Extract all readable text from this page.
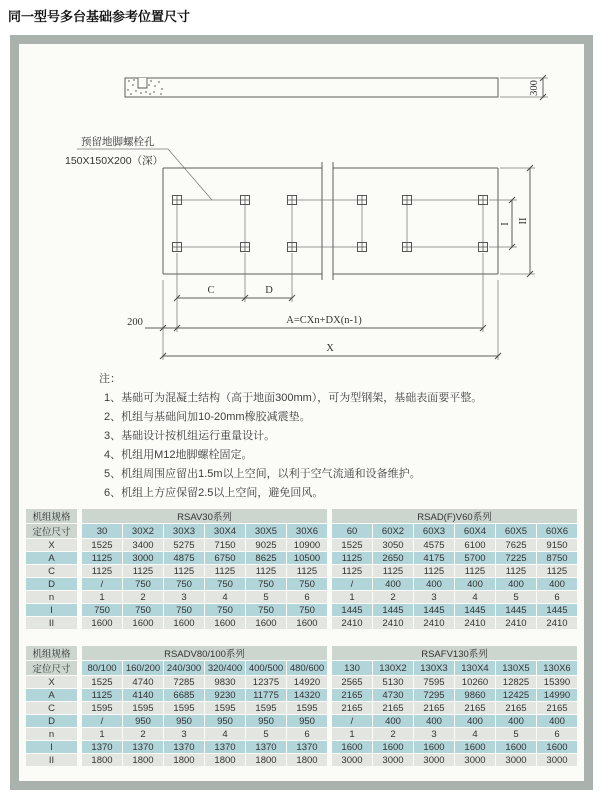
同一型号多台基础参考位置尺寸
300
预留地脚螺栓孔
150X150X200（深）
I II
C	D
200	A=CXn+DX(n-1)
X
注：
1、基础可为混凝土结构（高于地面300mm），可为型钢架，基础表面要平整。
2、机组与基础间加10-20mm橡胶减震垫。
3、基础设计按机组运行重量设计。
4、机组用M12地脚螺栓固定。
5、机组周围应留出1.5m以上空间，以利于空气流通和设备维护。
6、机组上方应保留2.5以上空间，避免回风。
机组规格		RSAV30系列							RSAD(F)V60系列					
定位尺寸		30	30X2	30X3	30X4	30X5	30X6		60	60X2	60X3	60X4	60X5	60X6
X		1525	3400	5275	7150	9025	10900		1525	3050	4575	6100	7625	9150
A		1125	3000	4875	6750	8625	10500		1125	2650	4175	5700	7225	8750
C		1125	1125	1125	1125	1125	1125		1125	1125	1125	1125	1125	1125
D		/	750	750	750	750	750		/	400	400	400	400	400
n		1	2	3	4	5	6		1	2	3	4	5	6
I		750	750	750	750	750	750		1445	1445	1445	1445	1445	1445
II		1600	1600	1600	1600	1600	1600		2410	2410	2410	2410	2410	2410
机组规格		RSADV80/100系列							RSAFV130系列					
定位尺寸		80/100	160/200	240/300	320/400	400/500	480/600		130	130X2	130X3	130X4	130X5	130X6
X		1525	4740	7285	9830	12375	14920		2565	5130	7595	10260	12825	15390
A		1125	4140	6685	9230	11775	14320		2165	4730	7295	9860	12425	14990
C		1595	1595	1595	1595	1595	1595		2165	2165	2165	2165	2165	2165
D		/	950	950	950	950	950		/	400	400	400	400	400
n		1	2	3	4	5	6		1	2	3	4	5	6
I		1370	1370	1370	1370	1370	1370		1600	1600	1600	1600	1600	1600
II		1800	1800	1800	1800	1800	1800		3000	3000	3000	3000	3000	3000
